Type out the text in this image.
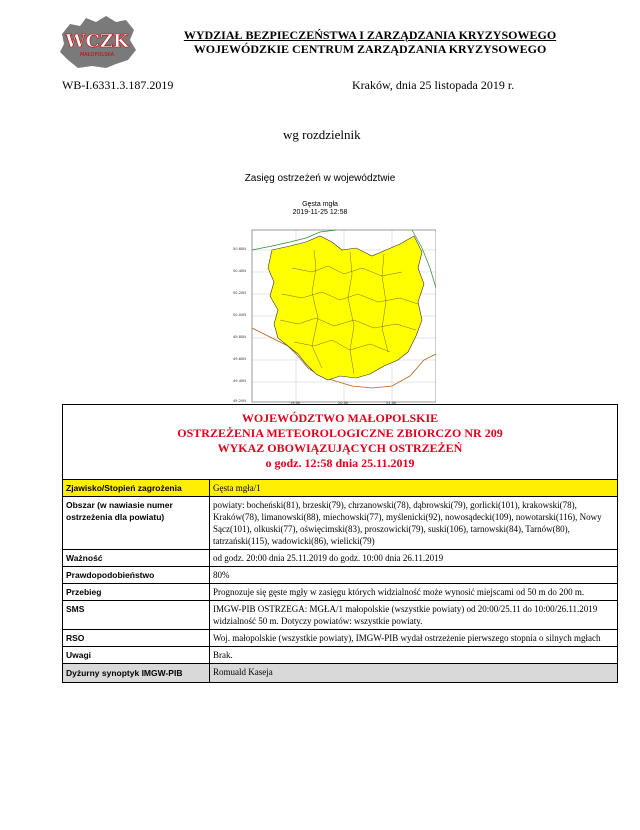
WCZK
MAŁOPOLSKA
WYDZIAŁ BEZPIECZEŃSTWA I ZARZĄDZANIA KRYZYSOWEGO
WOJEWÓDZKIE CENTRUM ZARZĄDZANIA KRYZYSOWEGO
WB-I.6331.3.187.2019	Kraków, dnia 25 listopada 2019 r.
wg rozdzielnik
Zasięg ostrzeżeń w województwie
Gęsta mgła
2019-11-25 12:58
50.60N
50.40N
50.20N
50.00N
49.80N
49.60N
49.40N
49.20N	19.0E	20.0E	21.0E
WOJEWÓDZTWO MAŁOPOLSKIE
OSTRZEŻENIA METEOROLOGICZNE ZBIORCZO NR 209
WYKAZ OBOWIĄZUJĄCYCH OSTRZEŻEŃ
o godz. 12:58 dnia 25.11.2019	

Zjawisko/Stopień zagrożenia	Gęsta mgła/1
Obszar (w nawiasie numer ostrzeżenia dla powiatu)	powiaty: bocheński(81), brzeski(79), chrzanowski(78), dąbrowski(79), gorlicki(101), krakowski(78), Kraków(78), limanowski(88), miechowski(77), myślenicki(92), nowosądecki(109), nowotarski(116), Nowy Sącz(101), olkuski(77), oświęcimski(83), proszowicki(79), suski(106), tarnowski(84), Tarnów(80), tatrzański(115), wadowicki(86), wielicki(79)
Ważność	od godz. 20:00 dnia 25.11.2019 do godz. 10:00 dnia 26.11.2019
Prawdopodobieństwo	80%
Przebieg	Prognozuje się gęste mgły w zasięgu których widzialność może wynosić miejscami od 50 m do 200 m.
SMS	IMGW-PIB OSTRZEGA: MGŁA/1 małopolskie (wszystkie powiaty) od 20:00/25.11 do 10:00/26.11.2019 widzialność 50 m. Dotyczy powiatów: wszystkie powiaty.
RSO	Woj. małopolskie (wszystkie powiaty), IMGW-PIB wydał ostrzeżenie pierwszego stopnia o silnych mgłach
Uwagi	Brak.
Dyżurny synoptyk IMGW-PIB	Romuald Kaseja
